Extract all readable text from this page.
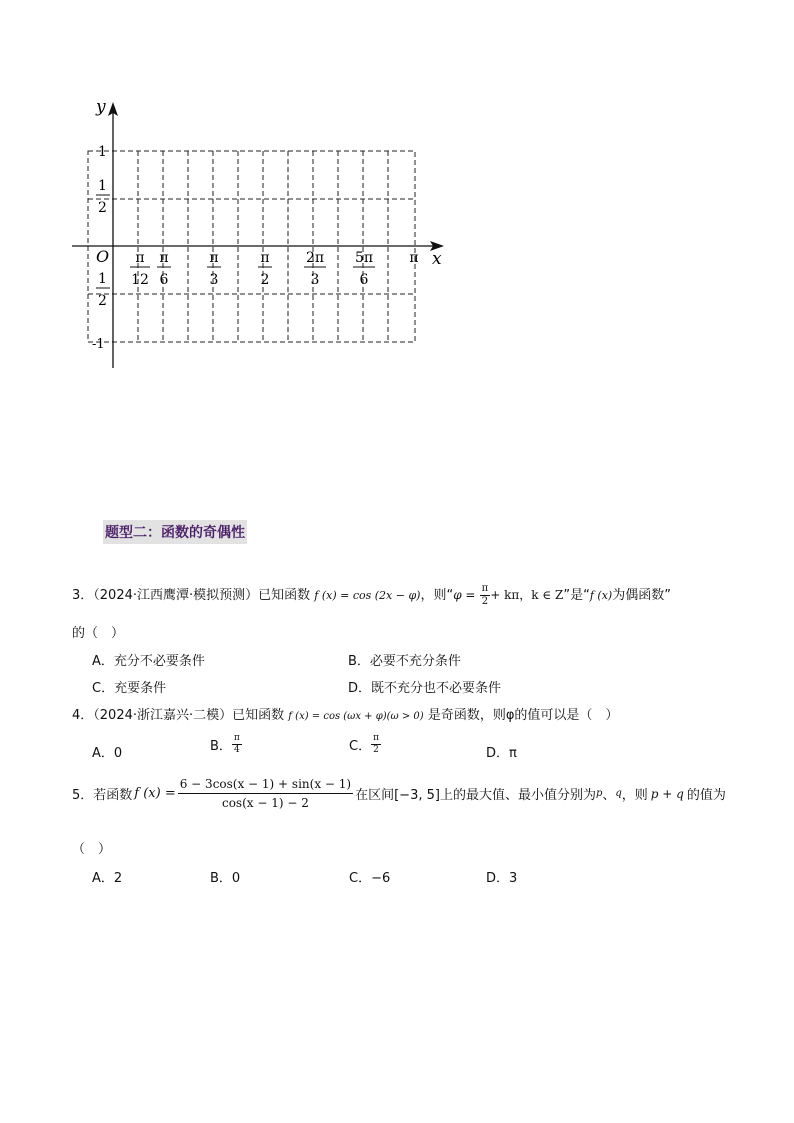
y
x
O
1
1
2
1
2
-1
π
12
π
6
π
3
π
2
2π
3
5π
6
π
题型二：函数的奇偶性
3．（2024·江西鹰潭·模拟预测）已知函数 f (x) = cos (2x − φ)，则“$\varphi = \frac{\pi}{2} + k\pi$，k ∈ Z”是“f (x)为偶函数”
的（　）
A．充分不必要条件	B．必要不充分条件
C．充要条件	D．既不充分也不必要条件
4．（2024·浙江嘉兴·二模）已知函数 f (x) = cos (ωx + φ)(ω > 0) 是奇函数，则φ的值可以是（　）
A．0	B． $\frac{\pi}{4}$	C． $\frac{\pi}{2}$	D．π
5．若函数 f $(x) = \frac{6 - 3\cos(x - 1) + \sin(x - 1)}{\cos(x - 1) - 2}$ 在区间[−3, 5]上的最大值、最小值分别为 p 、 q ，则 p + q 的值为
（　）
A．2	B．0	C．−6	D．3
